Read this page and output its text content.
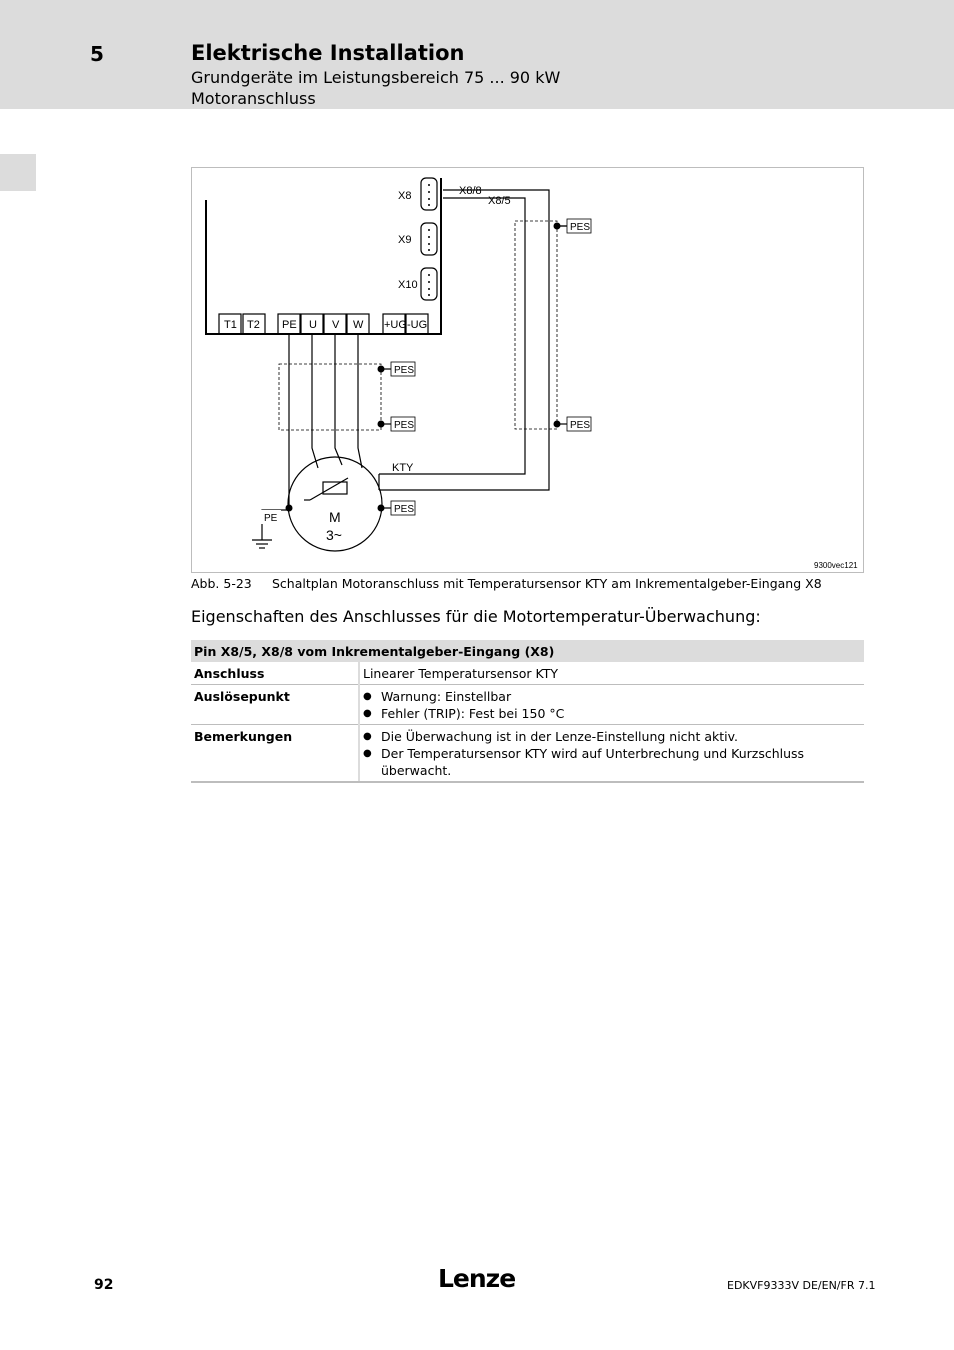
5	Elektrische Installation
Grundgeräte im Leistungsbereich 75 ... 90 kW
Motoranschluss
X8
X9
X10
X8/8
X8/5
T1 T2 PE U V W +UG -UG
PES
PES
PES
PES
PES
KTY
PE	M
3~
9300vec121
Abb. 5-23 Schaltplan Motoranschluss mit Temperatursensor KTY am Inkrementalgeber-Eingang X8
Eigenschaften des Anschlusses für die Motortemperatur-Überwachung:
Pin X8/5, X8/8 vom Inkrementalgeber-Eingang (X8)	
Anschluss	Linearer Temperatursensor KTY
Auslösepunkt	● Warnung: Einstellbar
● Fehler (TRIP): Fest bei 150 °C

Bemerkungen	● Die Überwachung ist in der Lenze-Einstellung nicht aktiv.
● Der Temperatursensor KTY wird auf Unterbrechung und Kurzschluss überwacht.
92	Lenze	EDKVF9333V DE/EN/FR 7.1
